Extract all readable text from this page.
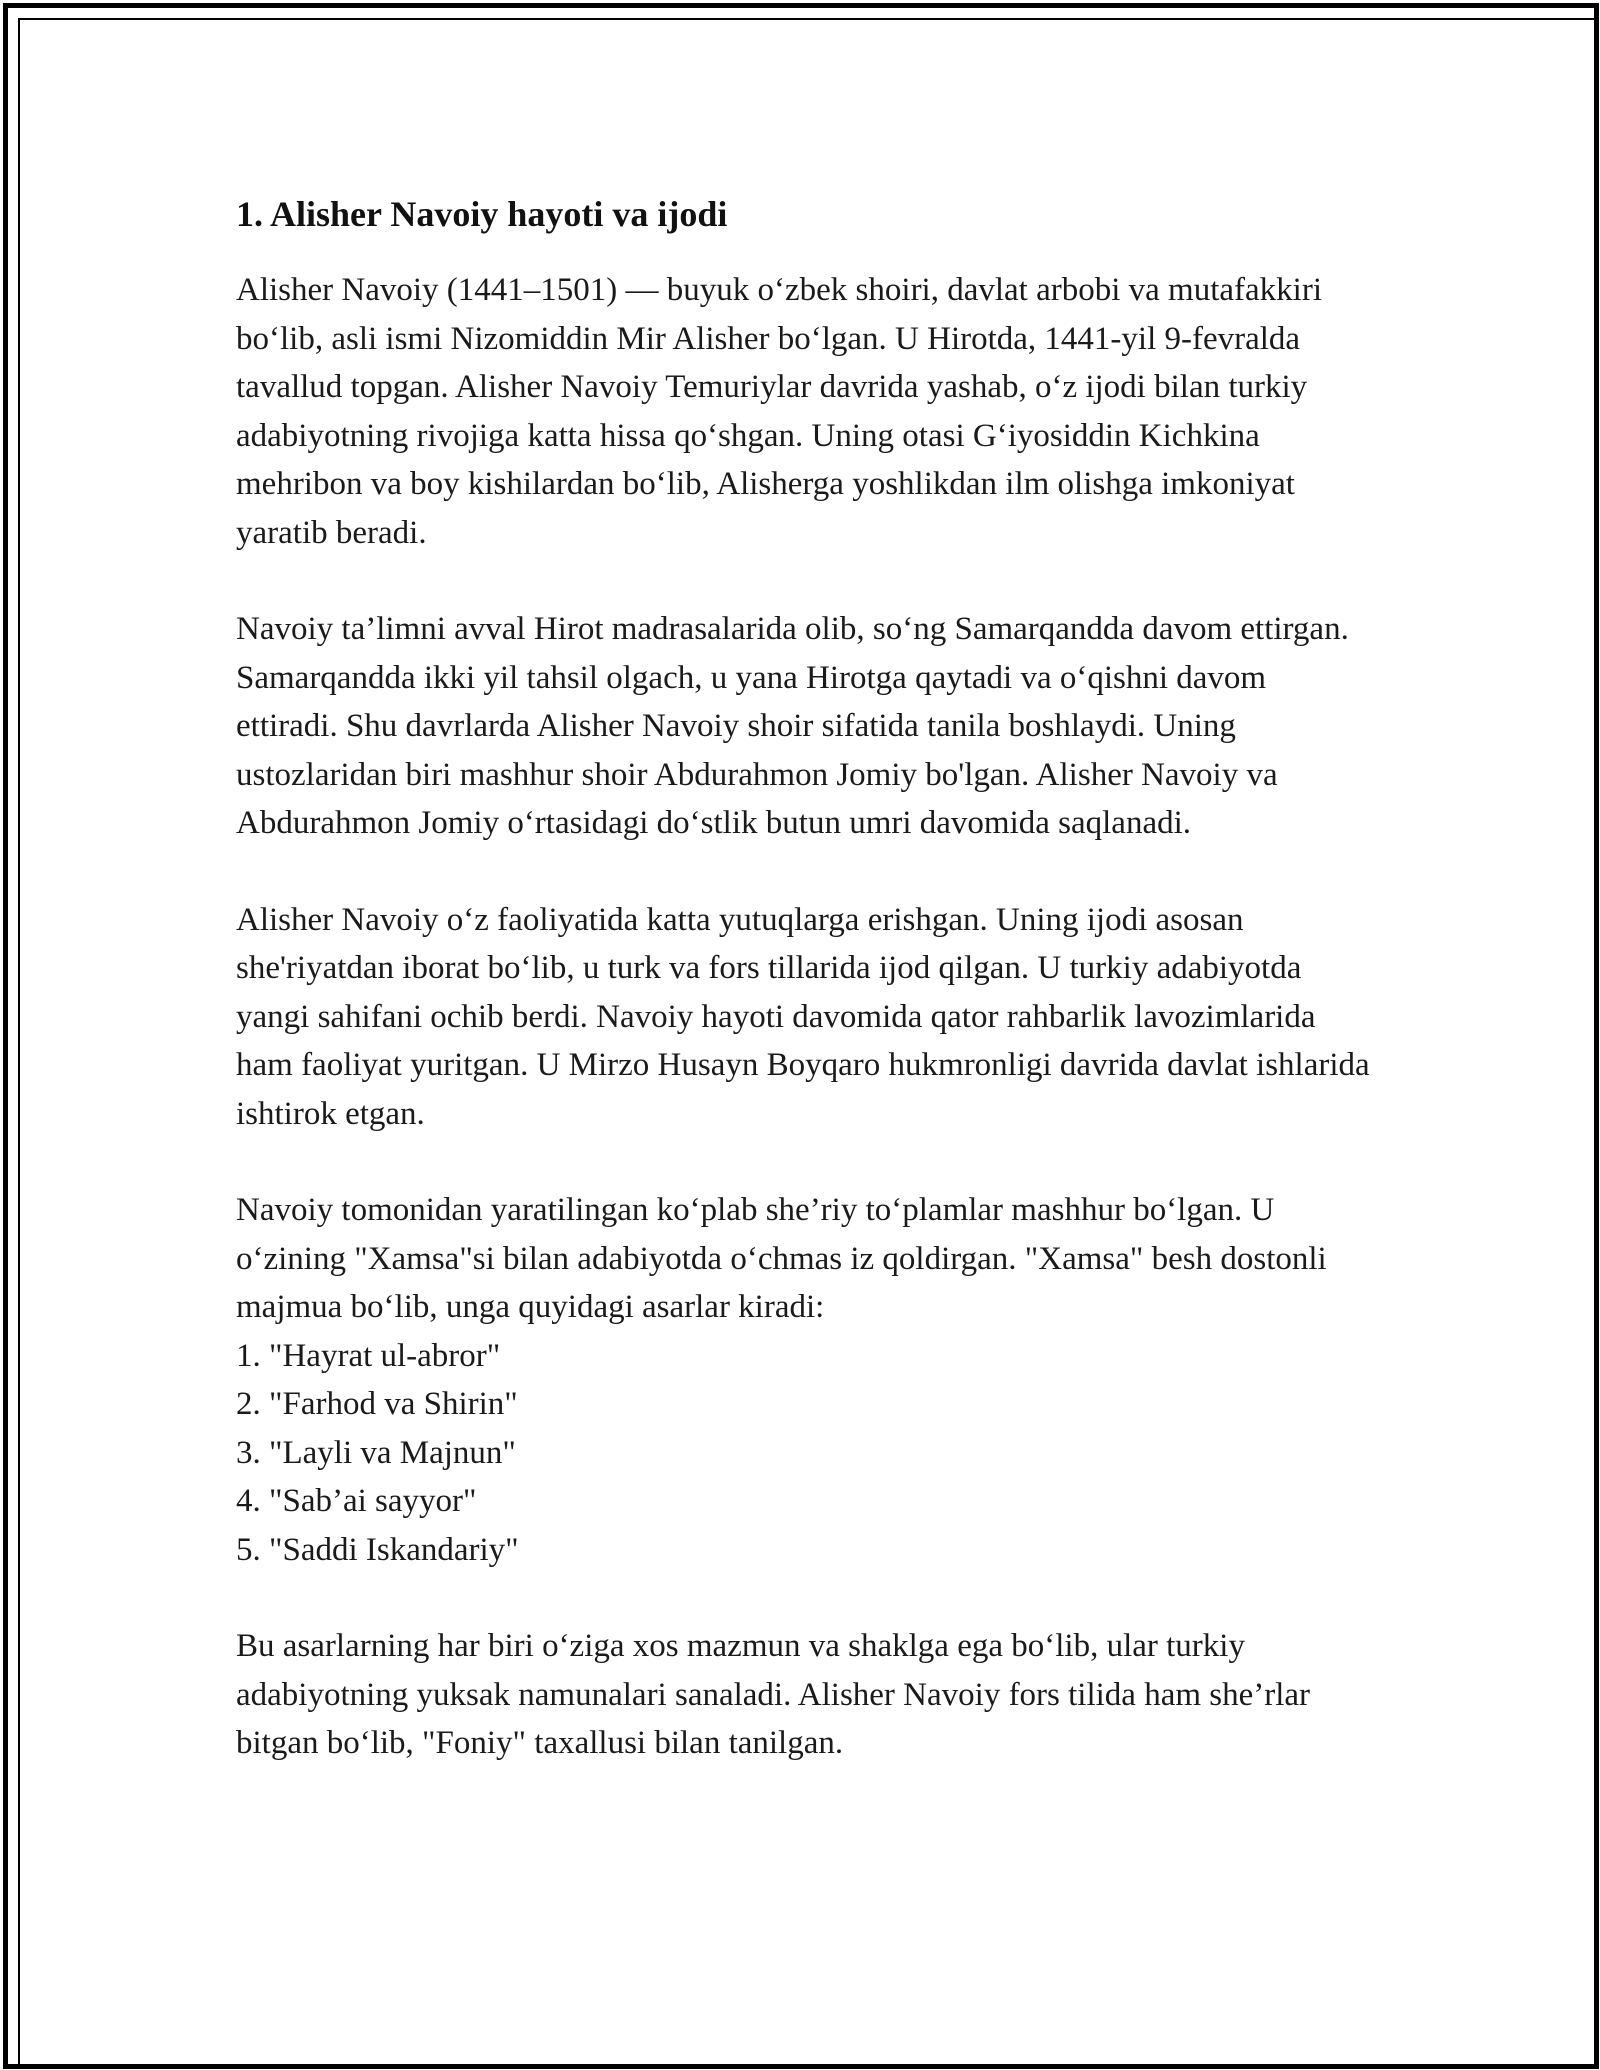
1. Alisher Navoiy hayoti va ijodi

Alisher Navoiy (1441–1501) — buyuk o‘zbek shoiri, davlat arbobi va mutafakkiri bo‘lib, asli ismi Nizomiddin Mir Alisher bo‘lgan. U Hirotda, 1441-yil 9-fevralda tavallud topgan. Alisher Navoiy Temuriylar davrida yashab, o‘z ijodi bilan turkiy adabiyotning rivojiga katta hissa qo‘shgan. Uning otasi G‘iyosiddin Kichkina mehribon va boy kishilardan bo‘lib, Alisherga yoshlikdan ilm olishga imkoniyat yaratib beradi.

Navoiy ta’limni avval Hirot madrasalarida olib, so‘ng Samarqandda davom ettirgan. Samarqandda ikki yil tahsil olgach, u yana Hirotga qaytadi va o‘qishni davom ettiradi. Shu davrlarda Alisher Navoiy shoir sifatida tanila boshlaydi. Uning ustozlaridan biri mashhur shoir Abdurahmon Jomiy bo'lgan. Alisher Navoiy va Abdurahmon Jomiy o‘rtasidagi do‘stlik butun umri davomida saqlanadi.

Alisher Navoiy o‘z faoliyatida katta yutuqlarga erishgan. Uning ijodi asosan she'riyatdan iborat bo‘lib, u turk va fors tillarida ijod qilgan. U turkiy adabiyotda yangi sahifani ochib berdi. Navoiy hayoti davomida qator rahbarlik lavozimlarida ham faoliyat yuritgan. U Mirzo Husayn Boyqaro hukmronligi davrida davlat ishlarida ishtirok etgan.

Navoiy tomonidan yaratilingan ko‘plab she’riy to‘plamlar mashhur bo‘lgan. U o‘zining "Xamsa"si bilan adabiyotda o‘chmas iz qoldirgan. "Xamsa" besh dostonli majmua bo‘lib, unga quyidagi asarlar kiradi:

1. "Hayrat ul-abror"
2. "Farhod va Shirin"
3. "Layli va Majnun"
4. "Sab’ai sayyor"
5. "Saddi Iskandariy"

Bu asarlarning har biri o‘ziga xos mazmun va shaklga ega bo‘lib, ular turkiy adabiyotning yuksak namunalari sanaladi. Alisher Navoiy fors tilida ham she’rlar bitgan bo‘lib, "Foniy" taxallusi bilan tanilgan.
